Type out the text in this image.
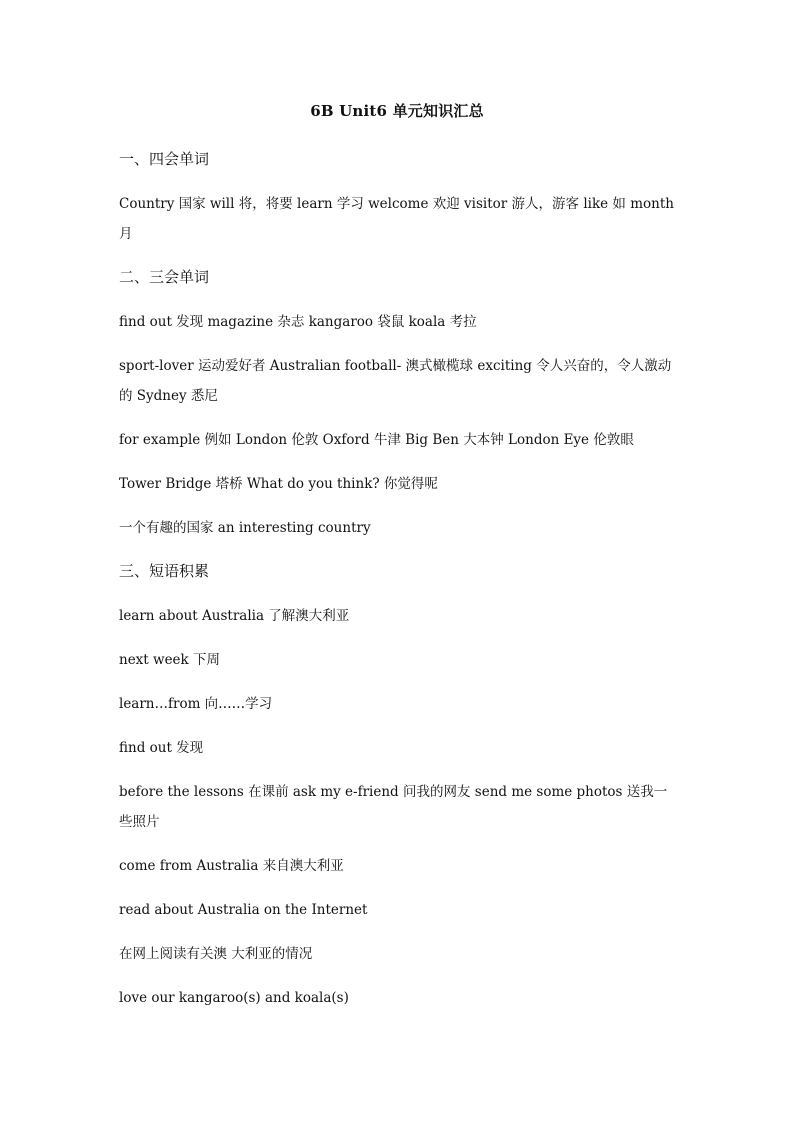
6B Unit6 单元知识汇总
一、四会单词
Country 国家 will 将，将要 learn 学习 welcome 欢迎 visitor 游人，游客 like 如 month 月
二、三会单词
find out 发现 magazine 杂志 kangaroo 袋鼠 koala 考拉
sport-lover 运动爱好者 Australian football- 澳式橄榄球 exciting 令人兴奋的，令人激动的 Sydney 悉尼
for example 例如 London 伦敦 Oxford 牛津 Big Ben 大本钟 London Eye 伦敦眼
Tower Bridge 塔桥 What do you think? 你觉得呢
一个有趣的国家 an interesting country
三、短语积累
learn about Australia 了解澳大利亚
next week 下周
learn…from 向……学习
find out 发现
before the lessons 在课前 ask my e-friend 问我的网友 send me some photos 送我一些照片
come from Australia 来自澳大利亚
read about Australia on the Internet
在网上阅读有关澳 大利亚的情况
love our kangaroo(s) and koala(s)
